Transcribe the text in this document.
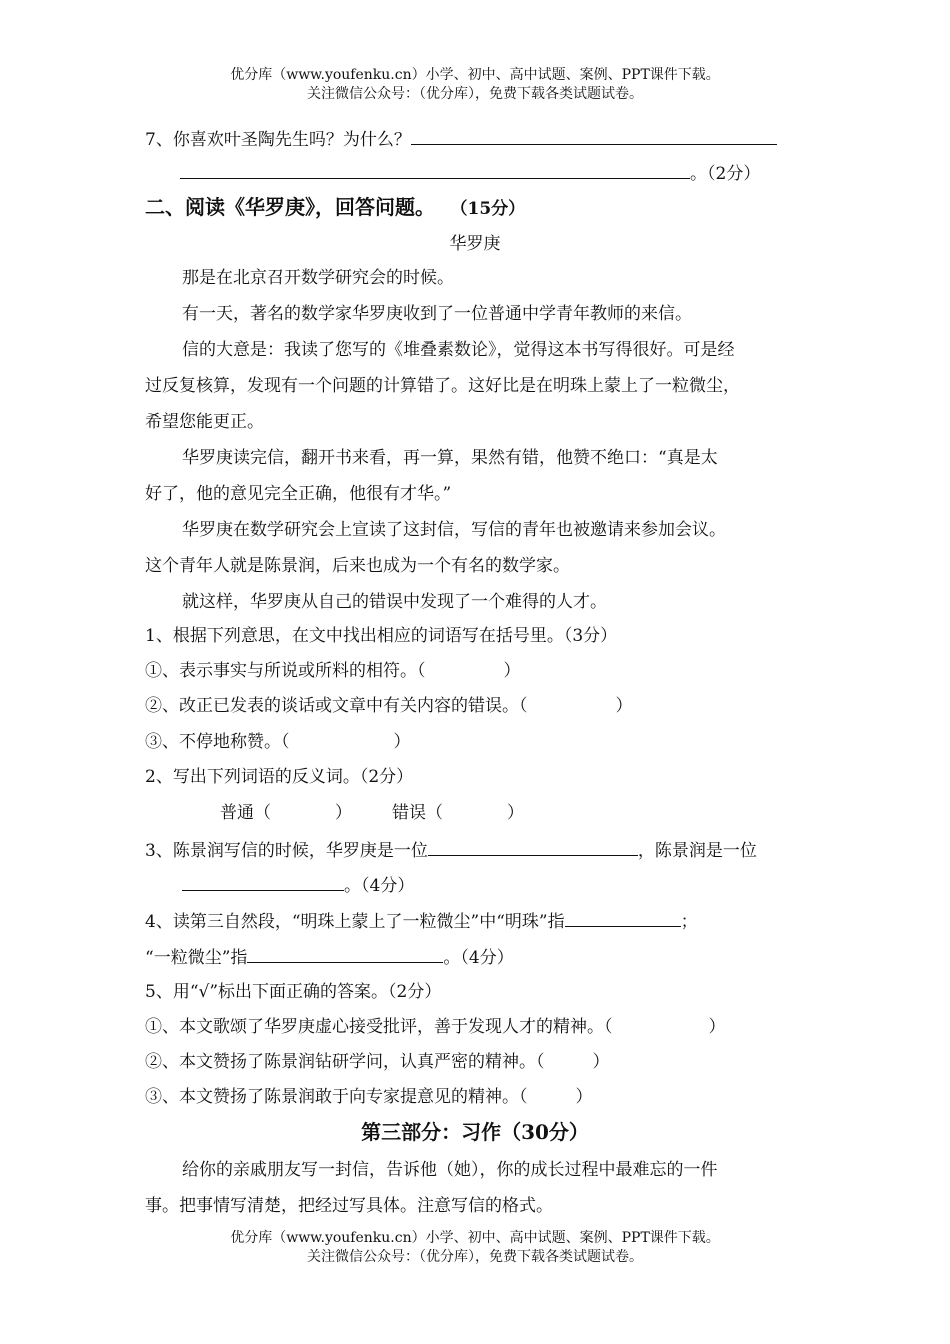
优分库（www.youfenku.cn）小学、初中、高中试题、案例、PPT课件下载。
关注微信公众号：（优分库），免费下载各类试题试卷。
7、你喜欢叶圣陶先生吗？为什么？
。（2分）
二、阅读《华罗庚》，回答问题。 （15分）
华罗庚
那是在北京召开数学研究会的时候。
有一天，著名的数学家华罗庚收到了一位普通中学青年教师的来信。
信的大意是：我读了您写的《堆叠素数论》，觉得这本书写得很好。可是经
过反复核算，发现有一个问题的计算错了。这好比是在明珠上蒙上了一粒微尘，
希望您能更正。
华罗庚读完信，翻开书来看，再一算，果然有错，他赞不绝口：“真是太
好了，他的意见完全正确，他很有才华。”
华罗庚在数学研究会上宣读了这封信，写信的青年也被邀请来参加会议。
这个青年人就是陈景润，后来也成为一个有名的数学家。
就这样，华罗庚从自己的错误中发现了一个难得的人才。
1、根据下列意思，在文中找出相应的词语写在括号里。（3分）
①、表示事实与所说或所料的相符。（	）
②、改正已发表的谈话或文章中有关内容的错误。（	）
③、不停地称赞。（	）
2、写出下列词语的反义词。（2分）
普通（	） 错误（	）
3、陈景润写信的时候，华罗庚是一位	，陈景润是一位
。（4分）
4、读第三自然段，“明珠上蒙上了一粒微尘”中“明珠”指	；
“一粒微尘”指	。（4分）
5、用“√”标出下面正确的答案。（2分）
①、本文歌颂了华罗庚虚心接受批评，善于发现人才的精神。（	）
②、本文赞扬了陈景润钻研学问，认真严密的精神。（	）
③、本文赞扬了陈景润敢于向专家提意见的精神。（	）
第三部分：习作（30分）
给你的亲戚朋友写一封信，告诉他（她），你的成长过程中最难忘的一件
事。把事情写清楚，把经过写具体。注意写信的格式。
优分库（www.youfenku.cn）小学、初中、高中试题、案例、PPT课件下载。
关注微信公众号：（优分库），免费下载各类试题试卷。
